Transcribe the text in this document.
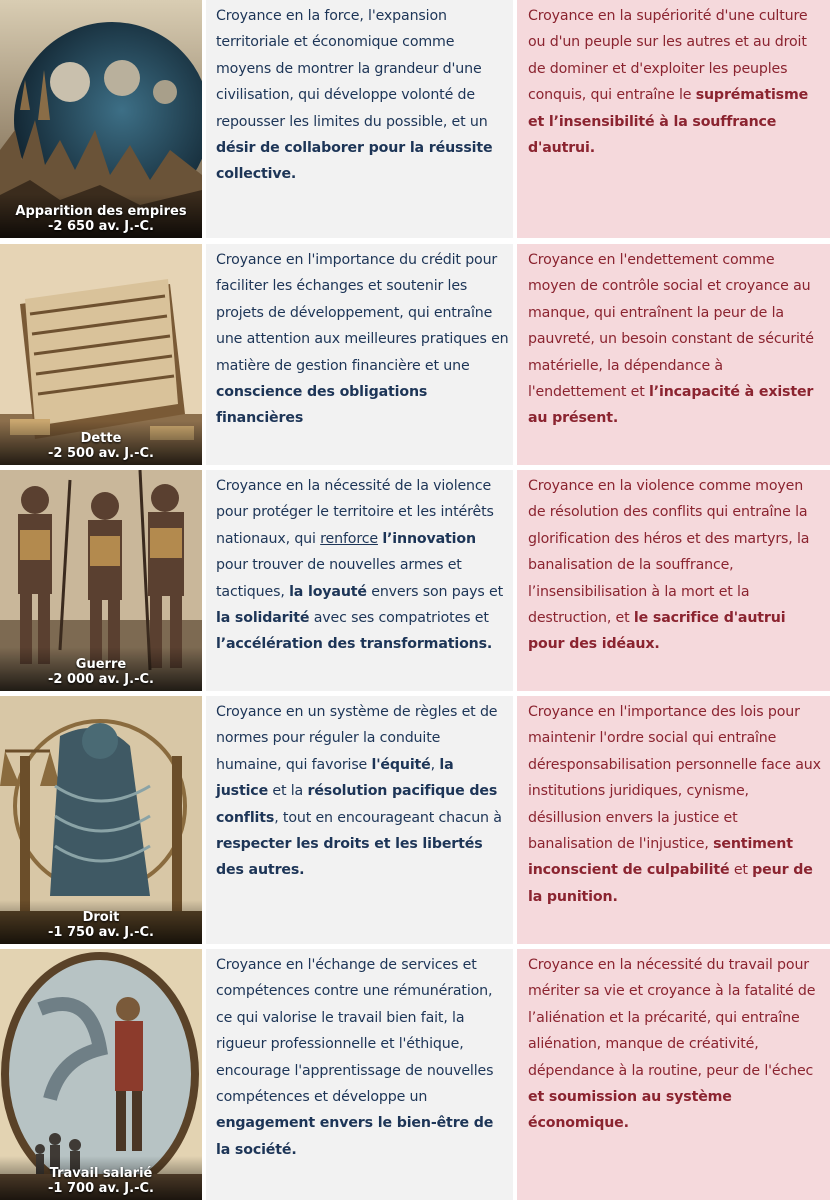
Apparition des empires
-2 650 av. J.-C.
Croyance en la force, l'expansion territoriale et économique comme moyens de montrer la grandeur d'une civilisation, qui développe volonté de repousser les limites du possible, et un désir de collaborer pour la réussite collective.
Croyance en la supériorité d'une culture ou d'un peuple sur les autres et au droit de dominer et d'exploiter les peuples conquis, qui entraîne le suprématisme et l’insensibilité à la souffrance d'autrui.
Dette
-2 500 av. J.-C.
Croyance en l'importance du crédit pour faciliter les échanges et soutenir les projets de développement, qui entraîne une attention aux meilleures pratiques en matière de gestion financière et une conscience des obligations financières
Croyance en l'endettement comme moyen de contrôle social et croyance au manque, qui entraînent la peur de la pauvreté, un besoin constant de sécurité matérielle, la dépendance à l'endettement et l’incapacité à exister au présent.
Guerre
-2 000 av. J.-C.
Croyance en la nécessité de la violence pour protéger le territoire et les intérêts nationaux, qui renforce l’innovation pour trouver de nouvelles armes et tactiques, la loyauté envers son pays et la solidarité avec ses compatriotes et l’accélération des transformations.
Croyance en la violence comme moyen de résolution des conflits qui entraîne la glorification des héros et des martyrs, la banalisation de la souffrance, l’insensibilisation à la mort et la destruction, et le sacrifice d'autrui pour des idéaux.
Droit
-1 750 av. J.-C.
Croyance en un système de règles et de normes pour réguler la conduite humaine, qui favorise l'équité, la justice et la résolution pacifique des conflits, tout en encourageant chacun à respecter les droits et les libertés des autres.
Croyance en l'importance des lois pour maintenir l'ordre social qui entraîne déresponsabilisation personnelle face aux institutions juridiques, cynisme, désillusion envers la justice et banalisation de l'injustice, sentiment inconscient de culpabilité et peur de la punition.
Travail salarié
-1 700 av. J.-C.
Croyance en l'échange de services et compétences contre une rémunération, ce qui valorise le travail bien fait, la rigueur professionnelle et l'éthique, encourage l'apprentissage de nouvelles compétences et développe un engagement envers le bien-être de la société.
Croyance en la nécessité du travail pour mériter sa vie et croyance à la fatalité de l’aliénation et la précarité, qui entraîne aliénation, manque de créativité, dépendance à la routine, peur de l'échec et soumission au système économique.
